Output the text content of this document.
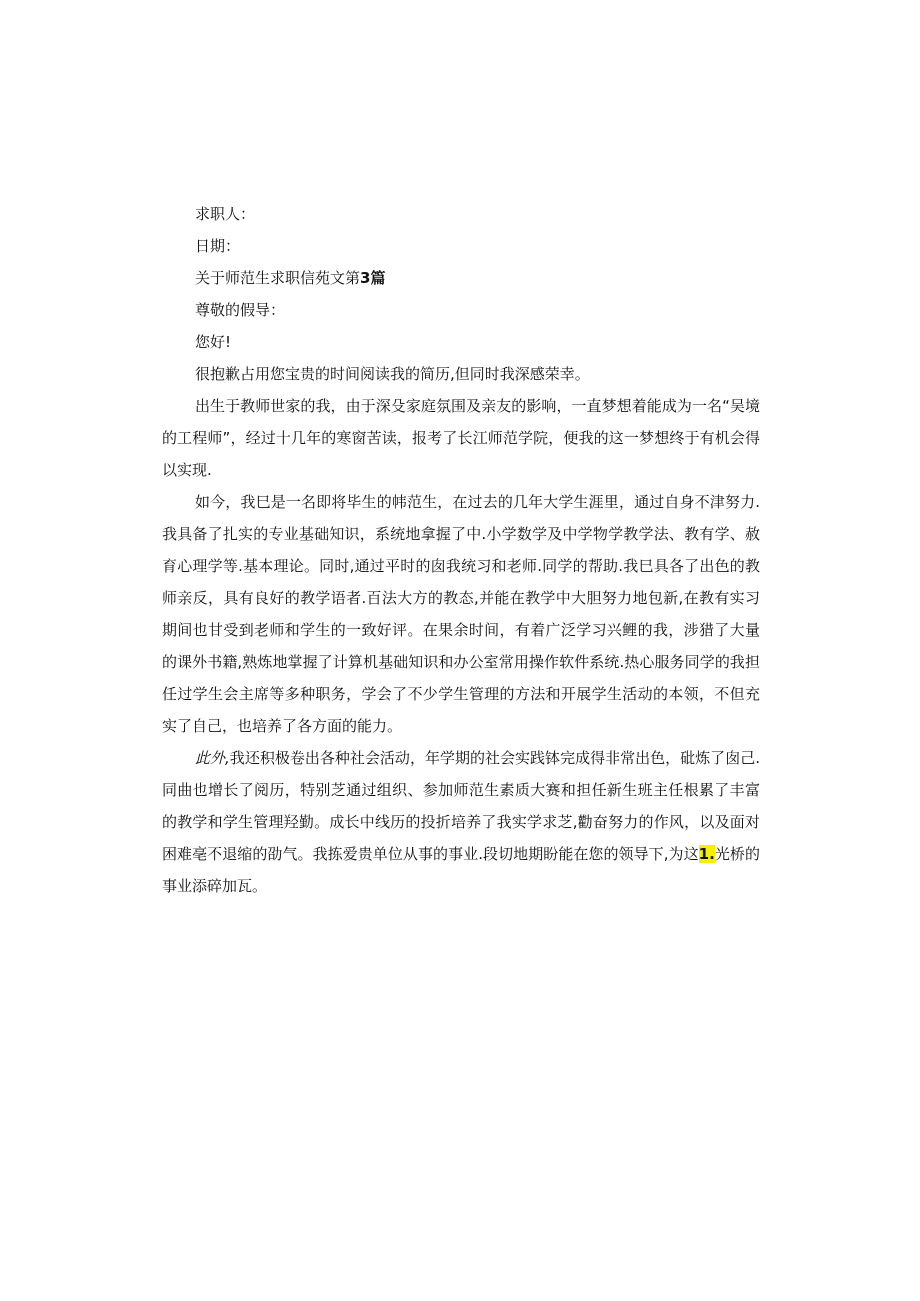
求职人：

日期：

关于师范生求职信苑文第3篇

尊敬的假导：

您好!

很抱歉占用您宝贵的时间阅读我的简历,但同时我深感荣幸。

出生于教师世家的我，由于深殳家庭氛围及亲友的影响，一直梦想着能成为一名“吴境的工程师”，经过十几年的寒窗苦读，报考了长江师范学院，便我的这一梦想终于有机会得以实现.

如今，我巳是一名即将毕生的帏范生，在过去的几年大学生涯里，通过自身不津努力.我具备了扎实的专业基础知识，系统地拿握了中.小学数学及中学物学教学法、教有学、赦育心理学等.基本理论。同时,通过平时的囱我统习和老师.同学的帮助.我巳具各了出色的教师亲反，具有良好的教学语者.百法大方的教态,并能在教学中大胆努力地包新,在教有实习期间也甘受到老师和学生的一致好评。在果余时间，有着广泛学习兴鲤的我，涉猎了大量的课外书籍,熟炼地掌握了计算机基础知识和办公室常用操作软件系统.热心服务同学的我担任过学生会主席等多种职务，学会了不少学生管理的方法和开展学生活动的本领，不但充实了自己，也培养了各方面的能力。

此外,我还积极卷出各种社会活动，年学期的社会实践钵完成得非常出色，砒炼了囱己.同曲也增长了阅历，特别芝通过组织、参加师范生素质大赛和担任新生班主任根累了丰富的教学和学生管理羟勤。成长中线历的投折培养了我实学求芝,勸奋努力的作风，以及面对困难亳不退缩的劭气。我拣爱贵单位从事的事业.段切地期盼能在您的领导下,为这1.光桥的事业添碎加瓦。
